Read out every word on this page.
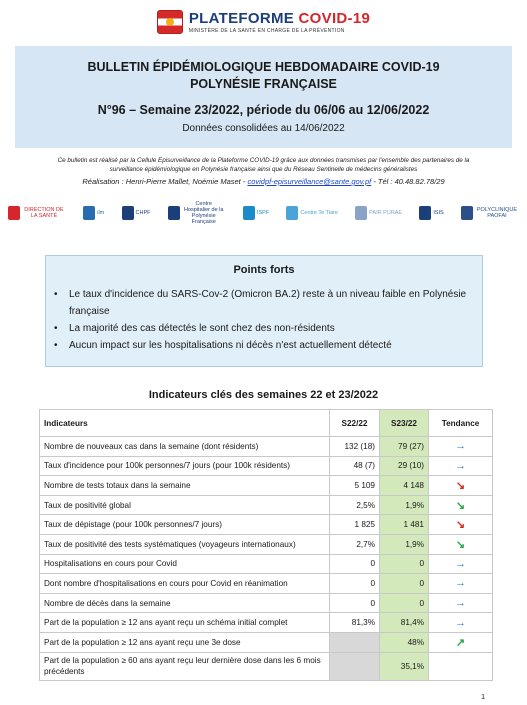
PLATEFORME COVID-19
MINISTÈRE DE LA SANTÉ EN CHARGE DE LA PRÉVENTION
BULLETIN ÉPIDÉMIOLOGIQUE HEBDOMADAIRE COVID-19
POLYNÉSIE FRANÇAISE
N°96 – Semaine 23/2022, période du 06/06 au 12/06/2022
Données consolidées au 14/06/2022
Ce bulletin est réalisé par la Cellule Episurveillance de la Plateforme COVID-19 grâce aux données transmises par l'ensemble des partenaires de la
surveillance épidémiologique en Polynésie française ainsi que du Réseau Sentinelle de médecins généralistes
Réalisation : Henri-Pierre Mallet, Noémie Maset - covidpf-episurveillance@sante.gov.pf - Tél : 40.48.82.78/29
DIRECTION DE LA SANTÉ	ilm	CHPF
Centre Hospitalier de la Polynésie Française
ISPF	Centre Te Tiare	PAIR PURAE	ISIS	POLYCLINIQUE PAOFAI
Points forts
• Le taux d'incidence du SARS-Cov-2 (Omicron BA.2) reste à un niveau faible en Polynésie française
• La majorité des cas détectés le sont chez des non-résidents
• Aucun impact sur les hospitalisations ni décès n'est actuellement détecté
Indicateurs clés des semaines 22 et 23/2022
Indicateurs	S22/22	S23/22	Tendance
Nombre de nouveaux cas dans la semaine (dont résidents)	132 (18)	79 (27)	→
Taux d'incidence pour 100k personnes/7 jours (pour 100k résidents)	48 (7)	29 (10)	→
Nombre de tests totaux dans la semaine	5 109	4 148	↘
Taux de positivité global	2,5%	1,9%	↘
Taux de dépistage (pour 100k personnes/7 jours)	1 825	1 481	↘
Taux de positivité des tests systématiques (voyageurs internationaux)	2,7%	1,9%	↘
Hospitalisations en cours pour Covid	0	0	→
Dont nombre d'hospitalisations en cours pour Covid en réanimation	0	0	→
Nombre de décès dans la semaine	0	0	→
Part de la population ≥ 12 ans ayant reçu un schéma initial complet	81,3%	81,4%	→
Part de la population ≥ 12 ans ayant reçu une 3e dose		48%	↗
Part de la population ≥ 60 ans ayant reçu leur dernière dose dans les 6 mois précédents		35,1%	
1
